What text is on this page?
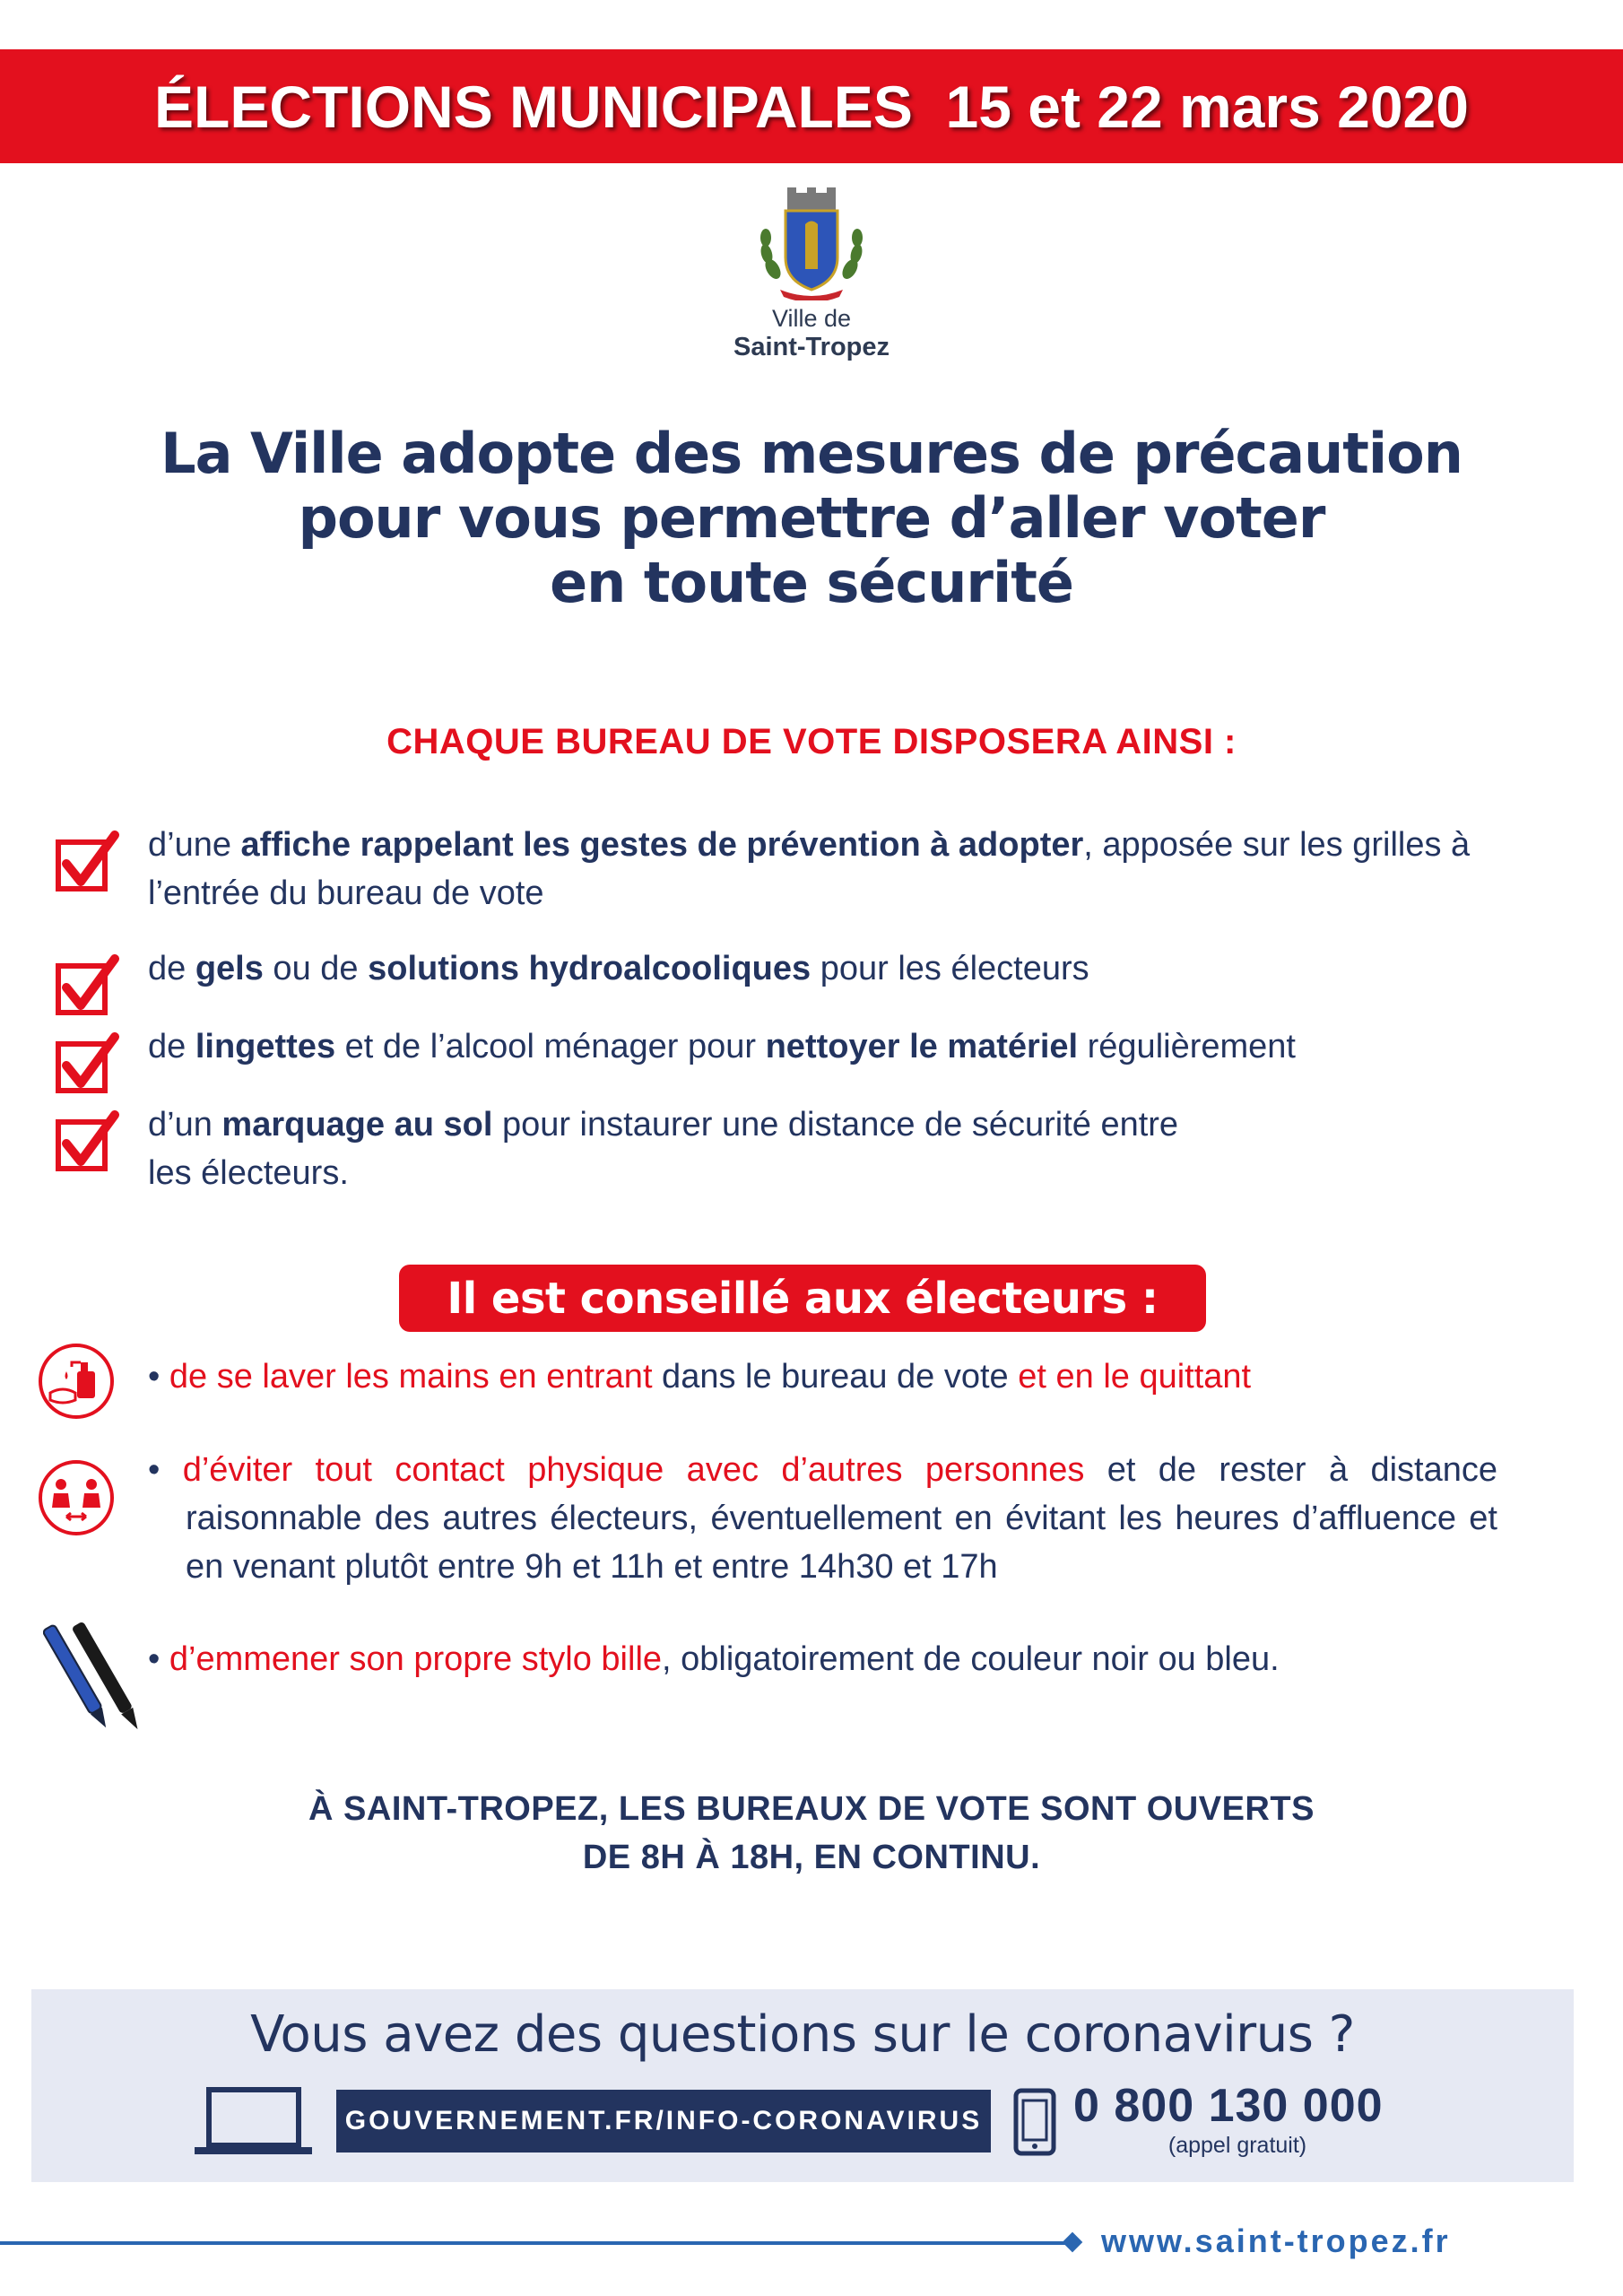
ÉLECTIONS MUNICIPALES  15 et 22 mars 2020
Ville de
Saint-Tropez
La Ville adopte des mesures de précaution
pour vous permettre d’aller voter
en toute sécurité
CHAQUE BUREAU DE VOTE DISPOSERA AINSI :
d’une affiche rappelant les gestes de prévention à adopter, apposée sur les grilles à l’entrée du bureau de vote
de gels ou de solutions hydroalcooliques pour les électeurs
de lingettes et de l’alcool ménager pour nettoyer le matériel régulièrement
d’un marquage au sol pour instaurer une distance de sécurité entre
les électeurs.
Il est conseillé aux électeurs :
• de se laver les mains en entrant dans le bureau de vote et en le quittant
• d’éviter tout contact physique avec d’autres personnes et de rester à distance raisonnable des autres électeurs, éventuellement en évitant les heures d’affluence et en venant plutôt entre 9h et 11h et entre 14h30 et 17h
• d’emmener son propre stylo bille, obligatoirement de couleur noir ou bleu.
À SAINT-TROPEZ, LES BUREAUX DE VOTE SONT OUVERTS
DE 8H À 18H, EN CONTINU.
Vous avez des questions sur le coronavirus ?
GOUVERNEMENT.FR/INFO-CORONAVIRUS 0 800 130 000
(appel gratuit)
www.saint-tropez.fr
